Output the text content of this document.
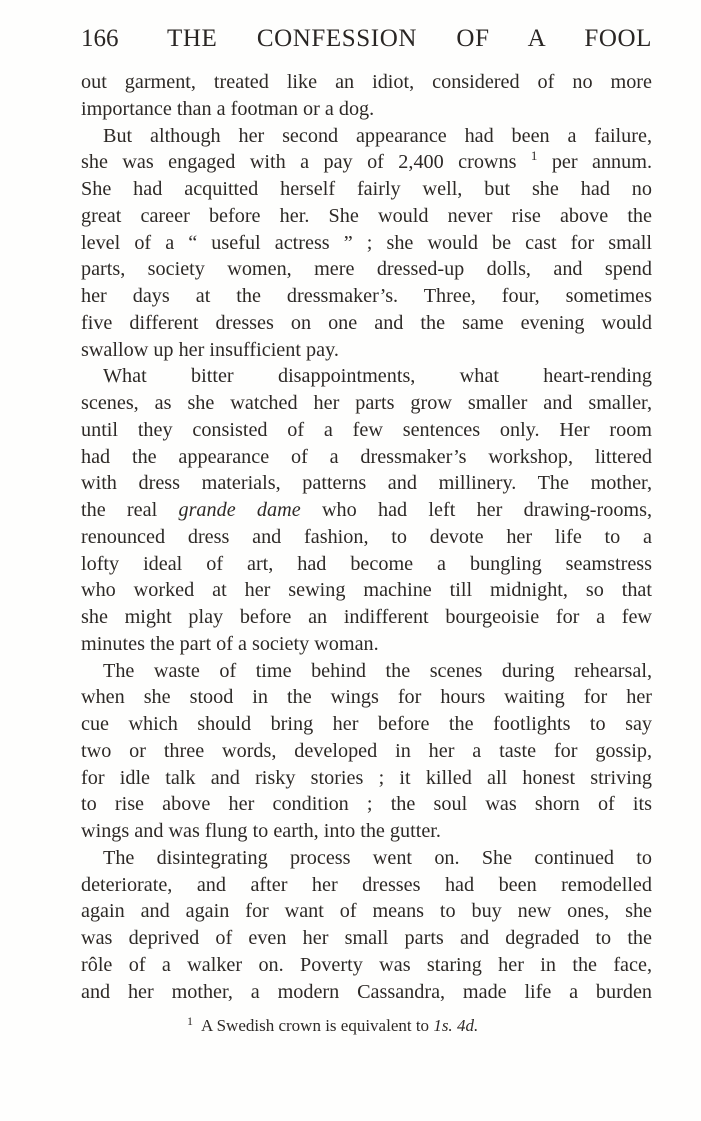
166 THE CONFESSION OF A FOOL
out garment, treated like an idiot, considered of no more
importance than a footman or a dog.
But although her second appearance had been a failure,
she was engaged with a pay of 2,400 crowns $^1$ per annum.
She had acquitted herself fairly well, but she had no
great career before her. She would never rise above the
level of a “ useful actress ” ; she would be cast for small
parts, society women, mere dressed-up dolls, and spend
her days at the dressmaker’s. Three, four, sometimes
five different dresses on one and the same evening would
swallow up her insufficient pay.
What bitter disappointments, what heart-rending
scenes, as she watched her parts grow smaller and smaller,
until they consisted of a few sentences only. Her room
had the appearance of a dressmaker’s workshop, littered
with dress materials, patterns and millinery. The mother,
the real grande dame who had left her drawing-rooms,
renounced dress and fashion, to devote her life to a
lofty ideal of art, had become a bungling seamstress
who worked at her sewing machine till midnight, so that
she might play before an indifferent bourgeoisie for a few
minutes the part of a society woman.
The waste of time behind the scenes during rehearsal,
when she stood in the wings for hours waiting for her
cue which should bring her before the footlights to say
two or three words, developed in her a taste for gossip,
for idle talk and risky stories ; it killed all honest striving
to rise above her condition ; the soul was shorn of its
wings and was flung to earth, into the gutter.
The disintegrating process went on. She continued to
deteriorate, and after her dresses had been remodelled
again and again for want of means to buy new ones, she
was deprived of even her small parts and degraded to the
rôle of a walker on. Poverty was staring her in the face,
and her mother, a modern Cassandra, made life a burden
$^1$ A Swedish crown is equivalent to 1s. 4d.
